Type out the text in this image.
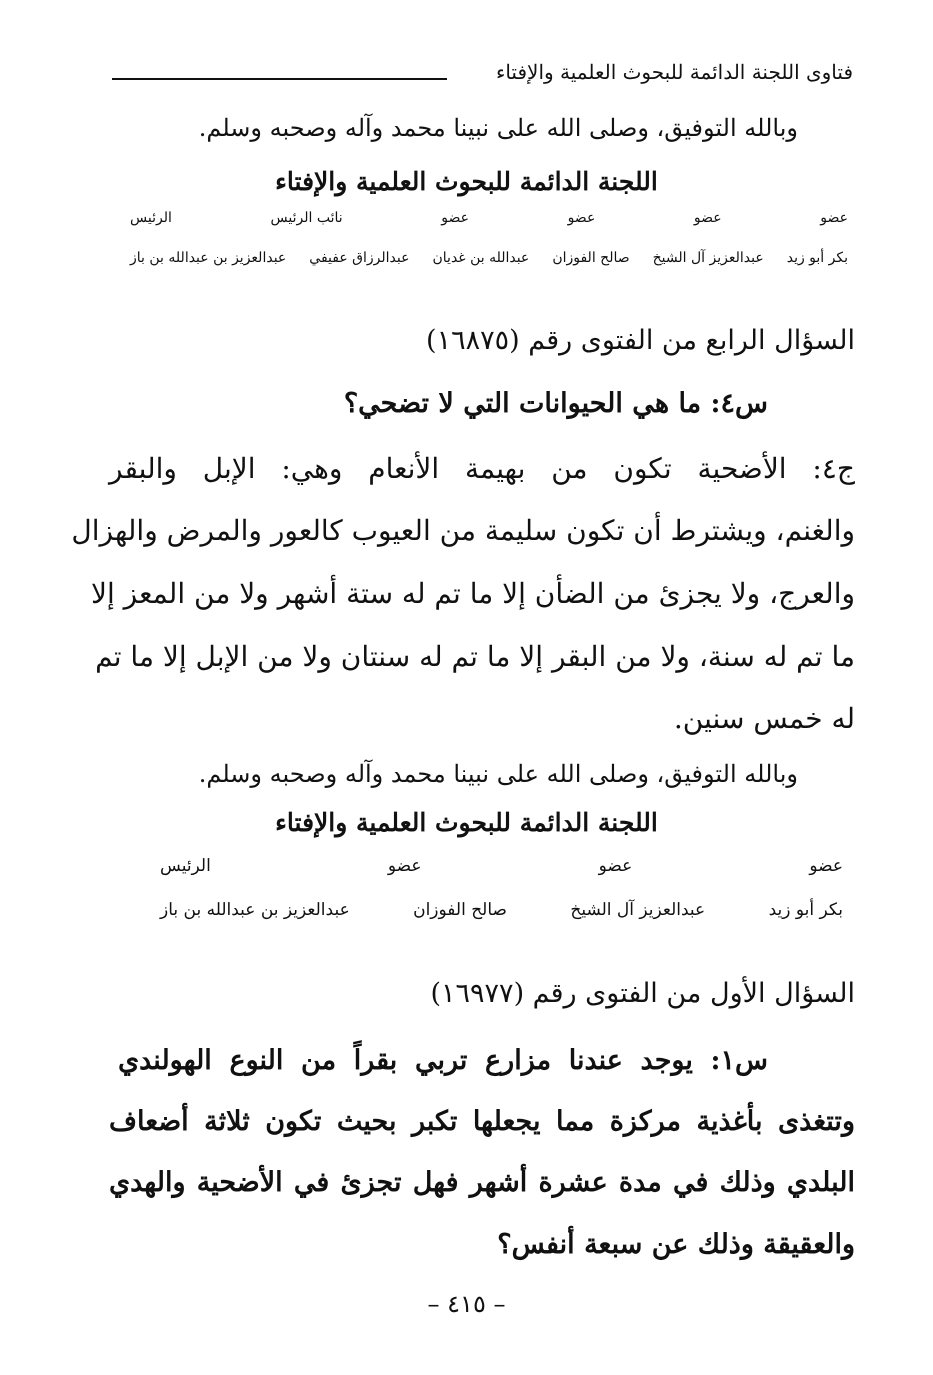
فتاوى اللجنة الدائمة للبحوث العلمية والإفتاء
وبالله التوفيق، وصلى الله على نبينا محمد وآله وصحبه وسلم.
اللجنة الدائمة للبحوث العلمية والإفتاء
عضو
عضو
عضو
عضو
نائب الرئيس
الرئيس
بكر أبو زيد
عبدالعزيز آل الشيخ
صالح الفوزان
عبدالله بن غديان
عبدالرزاق عفيفي
عبدالعزيز بن عبدالله بن باز
السؤال الرابع من الفتوى رقم (١٦٨٧٥)
س٤: ما هي الحيوانات التي لا تضحي؟
ج٤: الأضحية تكون من بهيمة الأنعام وهي: الإبل والبقر
والغنم، ويشترط أن تكون سليمة من العيوب كالعور والمرض والهزال
والعرج، ولا يجزئ من الضأن إلا ما تم له ستة أشهر ولا من المعز إلا
ما تم له سنة، ولا من البقر إلا ما تم له سنتان ولا من الإبل إلا ما تم
له خمس سنين.
وبالله التوفيق، وصلى الله على نبينا محمد وآله وصحبه وسلم.
اللجنة الدائمة للبحوث العلمية والإفتاء
عضو
عضو
عضو
الرئيس
بكر أبو زيد
عبدالعزيز آل الشيخ
صالح الفوزان
عبدالعزيز بن عبدالله بن باز
السؤال الأول من الفتوى رقم (١٦٩٧٧)
س١: يوجد عندنا مزارع تربي بقراً من النوع الهولندي
وتتغذى بأغذية مركزة مما يجعلها تكبر بحيث تكون ثلاثة أضعاف
البلدي وذلك في مدة عشرة أشهر فهل تجزئ في الأضحية والهدي
والعقيقة وذلك عن سبعة أنفس؟
– ٤١٥ –
